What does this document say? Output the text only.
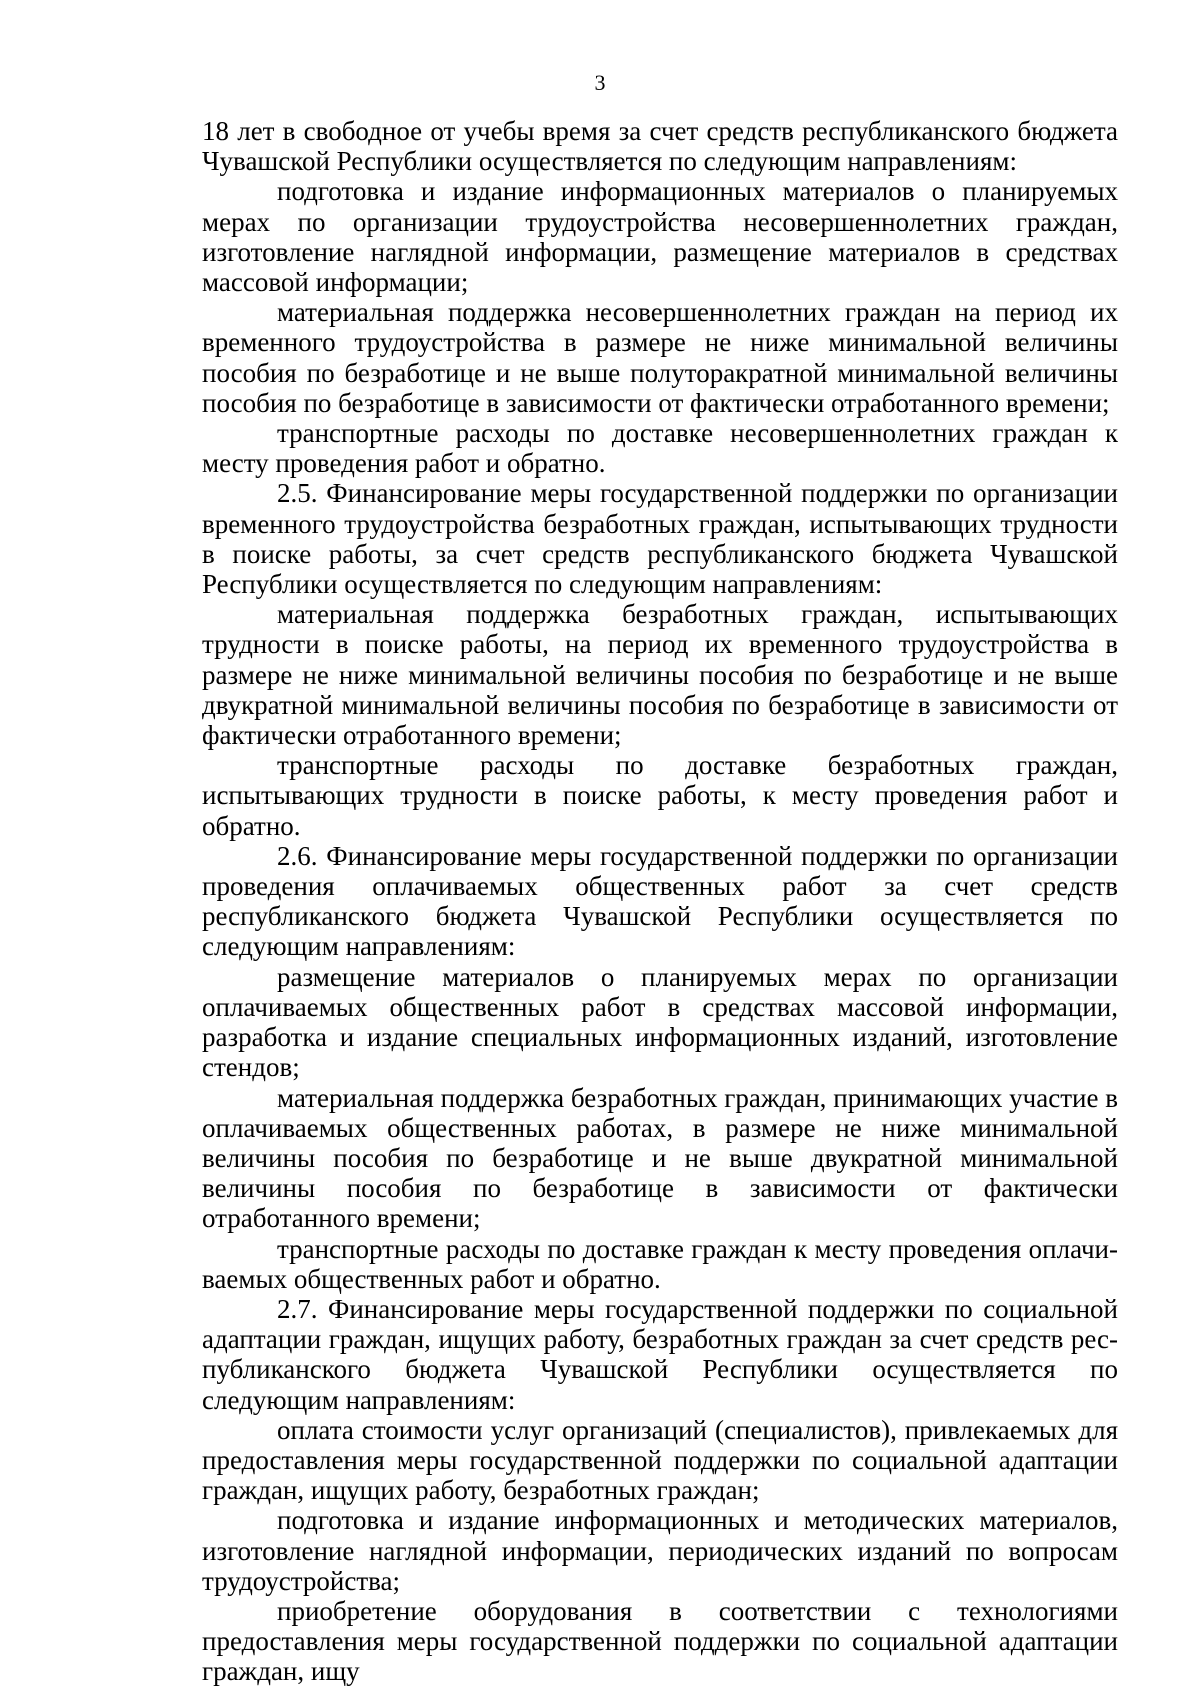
3

18 лет в свободное от учебы время за счет средств республиканского бюджета Чувашской Республики осуществляется по следующим направлениям:

подготовка и издание информационных материалов о планируемых мерах по организации трудоустройства несовершеннолетних граждан, изготовление наглядной информации, размещение материалов в средствах массовой информации;

материальная поддержка несовершеннолетних граждан на период их временного трудоустройства в размере не ниже минимальной величины пособия по безработице и не выше полуторакратной минимальной величины пособия по безработице в зависимости от фактически отработанного времени;

транспортные расходы по доставке несовершеннолетних граждан к месту проведения работ и обратно.

2.5. Финансирование меры государственной поддержки по организации временного трудоустройства безработных граждан, испытывающих трудности в поиске работы, за счет средств республиканского бюджета Чувашской Республики осуществляется по следующим направлениям:

материальная поддержка безработных граждан, испытывающих трудности в поиске работы, на период их временного трудоустройства в размере не ниже минимальной величины пособия по безработице и не выше двукратной минимальной величины пособия по безработице в зависимости от фактически отработанного времени;

транспортные расходы по доставке безработных граждан, испытывающих трудности в поиске работы, к месту проведения работ и обратно.

2.6. Финансирование меры государственной поддержки по организации проведения оплачиваемых общественных работ за счет средств республиканского бюджета Чувашской Республики осуществляется по следующим направлениям:

размещение материалов о планируемых мерах по организации оплачиваемых общественных работ в средствах массовой информации, разработка и издание специальных информационных изданий, изготовление стендов;

материальная поддержка безработных граждан, принимающих участие в оплачиваемых общественных работах, в размере не ниже минимальной величины пособия по безработице и не выше двукратной минимальной величины пособия по безработице в зависимости от фактически отработанного времени;

транспортные расходы по доставке граждан к месту проведения оплачиваемых общественных работ и обратно.

2.7. Финансирование меры государственной поддержки по социальной адаптации граждан, ищущих работу, безработных граждан за счет средств республиканского бюджета Чувашской Республики осуществляется по следующим направлениям:

оплата стоимости услуг организаций (специалистов), привлекаемых для предоставления меры государственной поддержки по социальной адаптации граждан, ищущих работу, безработных граждан;

подготовка и издание информационных и методических материалов, изготовление наглядной информации, периодических изданий по вопросам трудоустройства;

приобретение оборудования в соответствии с технологиями предоставления меры государственной поддержки по социальной адаптации граждан, ищу
